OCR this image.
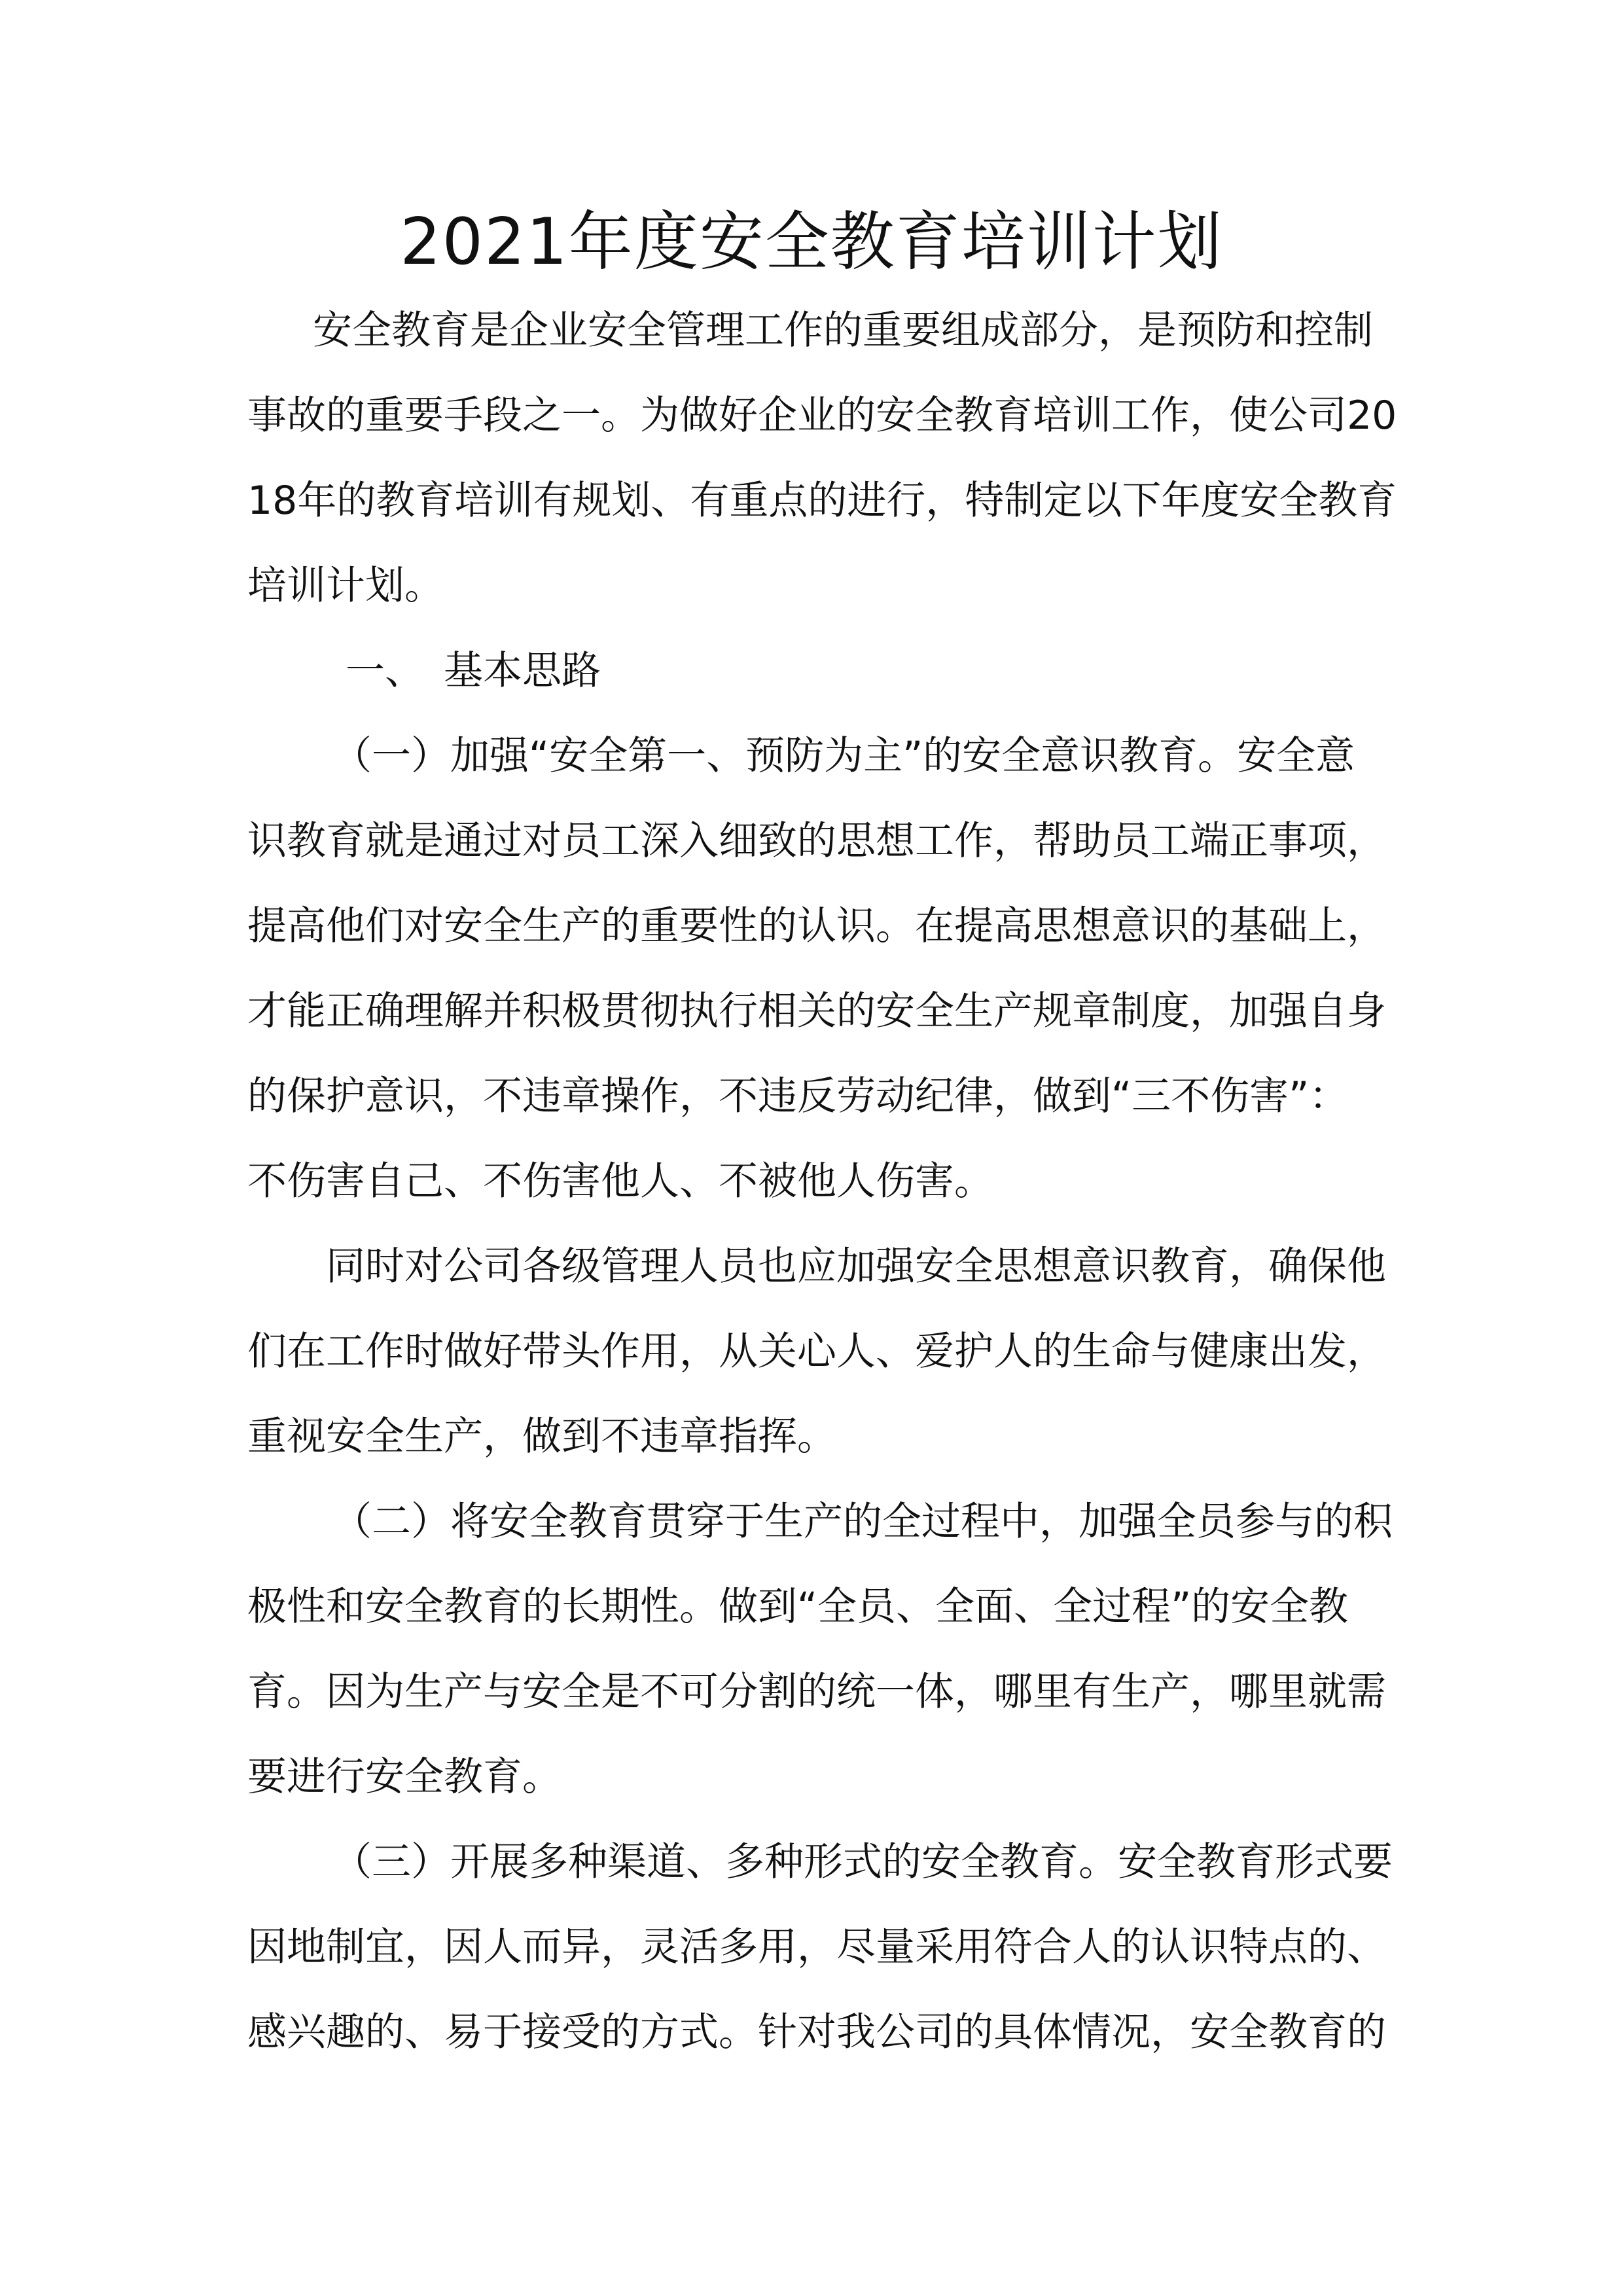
2021年度安全教育培训计划
安全教育是企业安全管理工作的重要组成部分，是预防和控制
事故的重要手段之一。为做好企业的安全教育培训工作，使公司20
18年的教育培训有规划、有重点的进行，特制定以下年度安全教育
培训计划。
一、　基本思路
（一）加强“安全第一、预防为主”的安全意识教育。安全意
识教育就是通过对员工深入细致的思想工作，帮助员工端正事项，
提高他们对安全生产的重要性的认识。在提高思想意识的基础上，
才能正确理解并积极贯彻执行相关的安全生产规章制度，加强自身
的保护意识，不违章操作，不违反劳动纪律，做到“三不伤害”：
不伤害自己、不伤害他人、不被他人伤害。
同时对公司各级管理人员也应加强安全思想意识教育，确保他
们在工作时做好带头作用，从关心人、爱护人的生命与健康出发，
重视安全生产，做到不违章指挥。
（二）将安全教育贯穿于生产的全过程中，加强全员参与的积
极性和安全教育的长期性。做到“全员、全面、全过程”的安全教
育。因为生产与安全是不可分割的统一体，哪里有生产，哪里就需
要进行安全教育。
（三）开展多种渠道、多种形式的安全教育。安全教育形式要
因地制宜，因人而异，灵活多用，尽量采用符合人的认识特点的、
感兴趣的、易于接受的方式。针对我公司的具体情况，安全教育的
